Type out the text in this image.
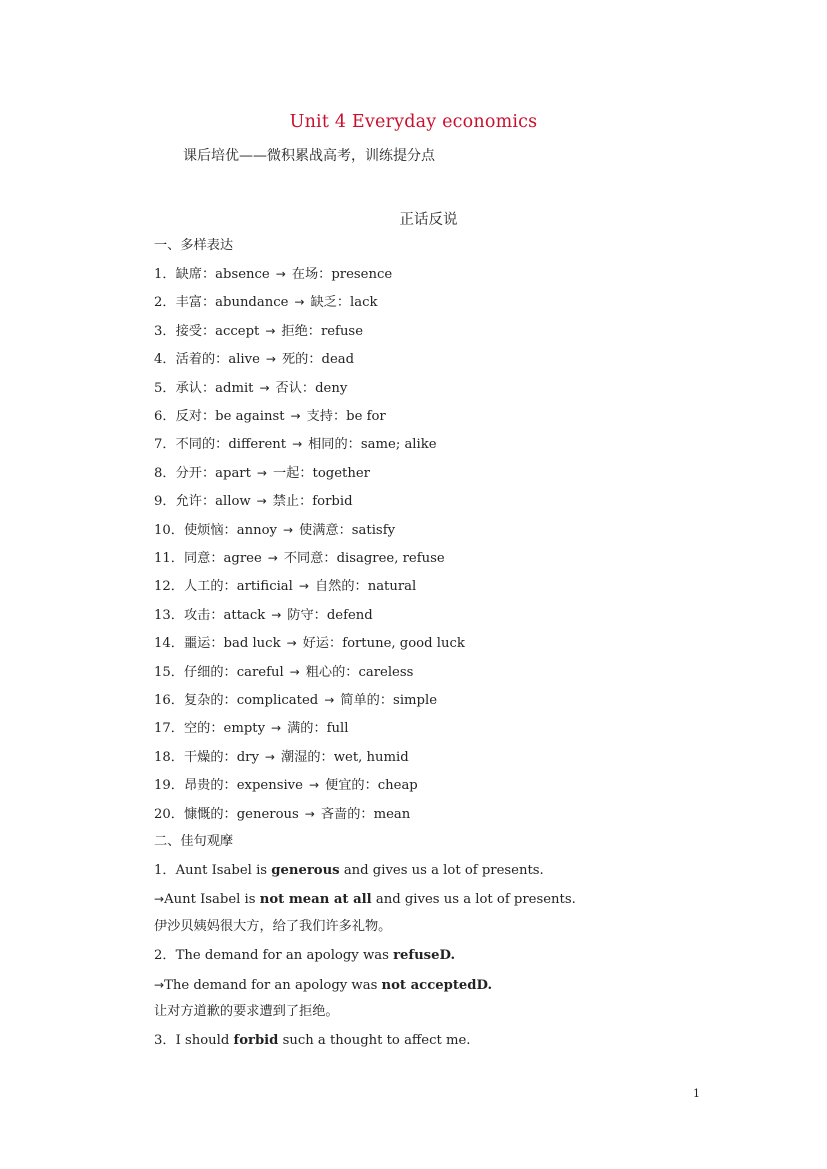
Unit 4 Everyday economics
课后培优——微积累战高考，训练提分点
正话反说
一、多样表达
1．缺席：absence → 在场：presence
2．丰富：abundance → 缺乏：lack
3．接受：accept → 拒绝：refuse
4．活着的：alive → 死的：dead
5．承认：admit → 否认：deny
6．反对：be against → 支持：be for
7．不同的：different → 相同的：same; alike
8．分开：apart → 一起：together
9．允许：allow → 禁止：forbid
10．使烦恼：annoy → 使满意：satisfy
11．同意：agree → 不同意：disagree, refuse
12．人工的：artificial → 自然的：natural
13．攻击：attack → 防守：defend
14．噩运：bad luck → 好运：fortune, good luck
15．仔细的：careful → 粗心的：careless
16．复杂的：complicated → 简单的：simple
17．空的：empty → 满的：full
18．干燥的：dry → 潮湿的：wet, humid
19．昂贵的：expensive → 便宜的：cheap
20．慷慨的：generous → 吝啬的：mean
二、佳句观摩
1．Aunt Isabel is generous and gives us a lot of presents.
→Aunt Isabel is not mean at all and gives us a lot of presents.
伊沙贝姨妈很大方，给了我们许多礼物。
2．The demand for an apology was refuseD.
→The demand for an apology was not acceptedD.
让对方道歉的要求遭到了拒绝。
3．I should forbid such a thought to affect me.
1
